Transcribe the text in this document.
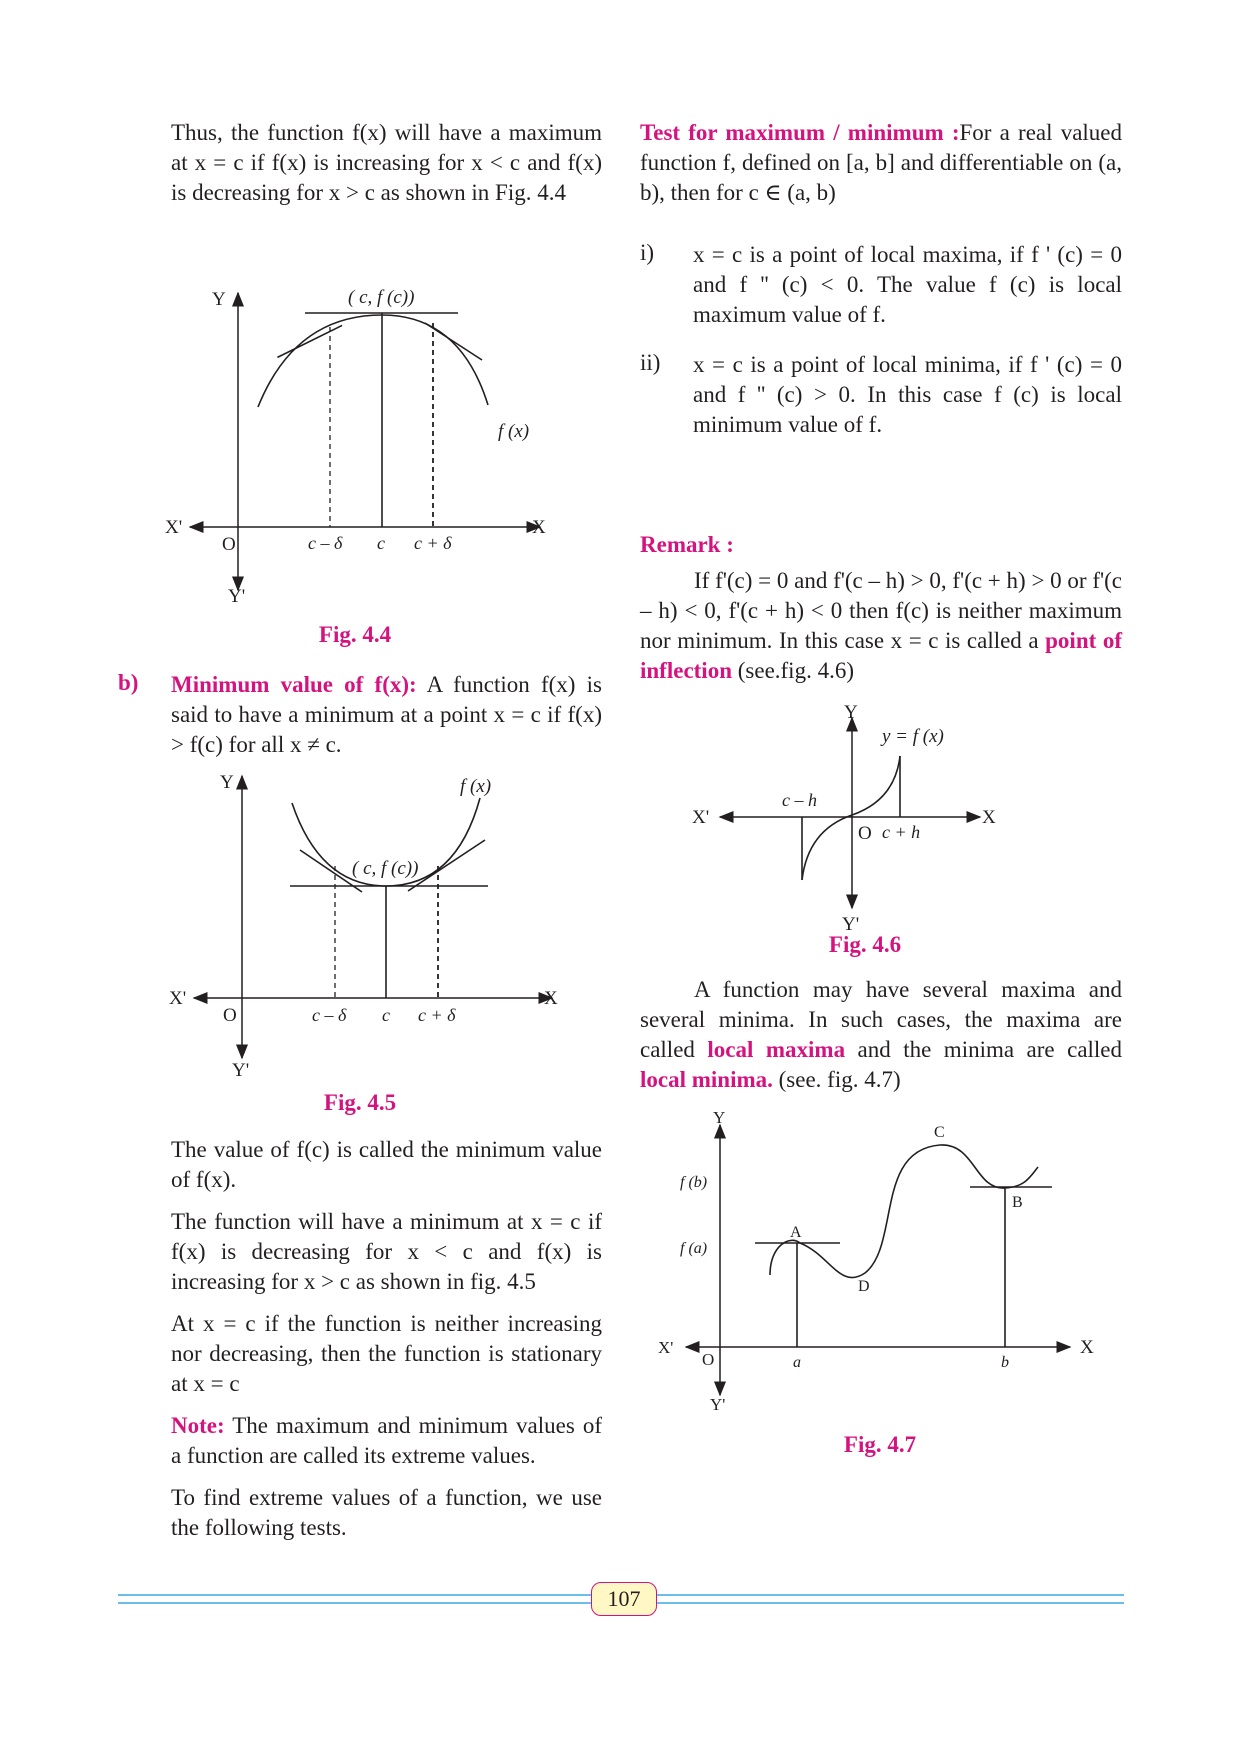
Thus, the function f(x) will have a maximum at x = c if f(x) is increasing for x < c and f(x) is decreasing for x > c as shown in Fig. 4.4

Y
Y'
X
X'
O
( c, f (c))
f (x)
c – δ c c + δ
Fig. 4.4
b) Minimum value of f(x): A function f(x) is said to have a minimum at a point x = c if f(x) > f(c) for all x ≠ c.

Y
Y'
X
X'
O
( c, f (c))
f (x)
c – δ c c + δ
Fig. 4.5

The value of f(c) is called the minimum value of f(x).

The function will have a minimum at x = c if f(x) is decreasing for x < c and f(x) is increasing for x > c as shown in fig. 4.5

At x = c if the function is neither increasing nor decreasing, then the function is stationary at x = c

Note: The maximum and minimum values of a function are called its extreme values.

To find extreme values of a function, we use the following tests.

Test for maximum / minimum :For a real valued function f, defined on [a, b] and differentiable on (a, b), then for c ∈ (a, b)

i) x = c is a point of local maxima, if f ' (c) = 0 and f '' (c) < 0. The value f (c) is local maximum value of f.

ii) x = c is a point of local minima, if f ' (c) = 0 and f '' (c) > 0. In this case f (c) is local minimum value of f.

Remark :

If f'(c) = 0 and f'(c – h) > 0, f'(c + h) > 0 or f'(c – h) < 0, f'(c + h) < 0 then f(c) is neither maximum nor minimum. In this case x = c is called a point of inflection (see.fig. 4.6)

Y
Y'
X
X'
O
y = f (x)
c – h
c + h
Fig. 4.6

A function may have several maxima and several minima. In such cases, the maxima are called local maxima and the minima are called local minima. (see. fig. 4.7)

Y
Y'
X
X'
O
f (b)
f (a)
A
B
C
D
a	b
Fig. 4.7
107
